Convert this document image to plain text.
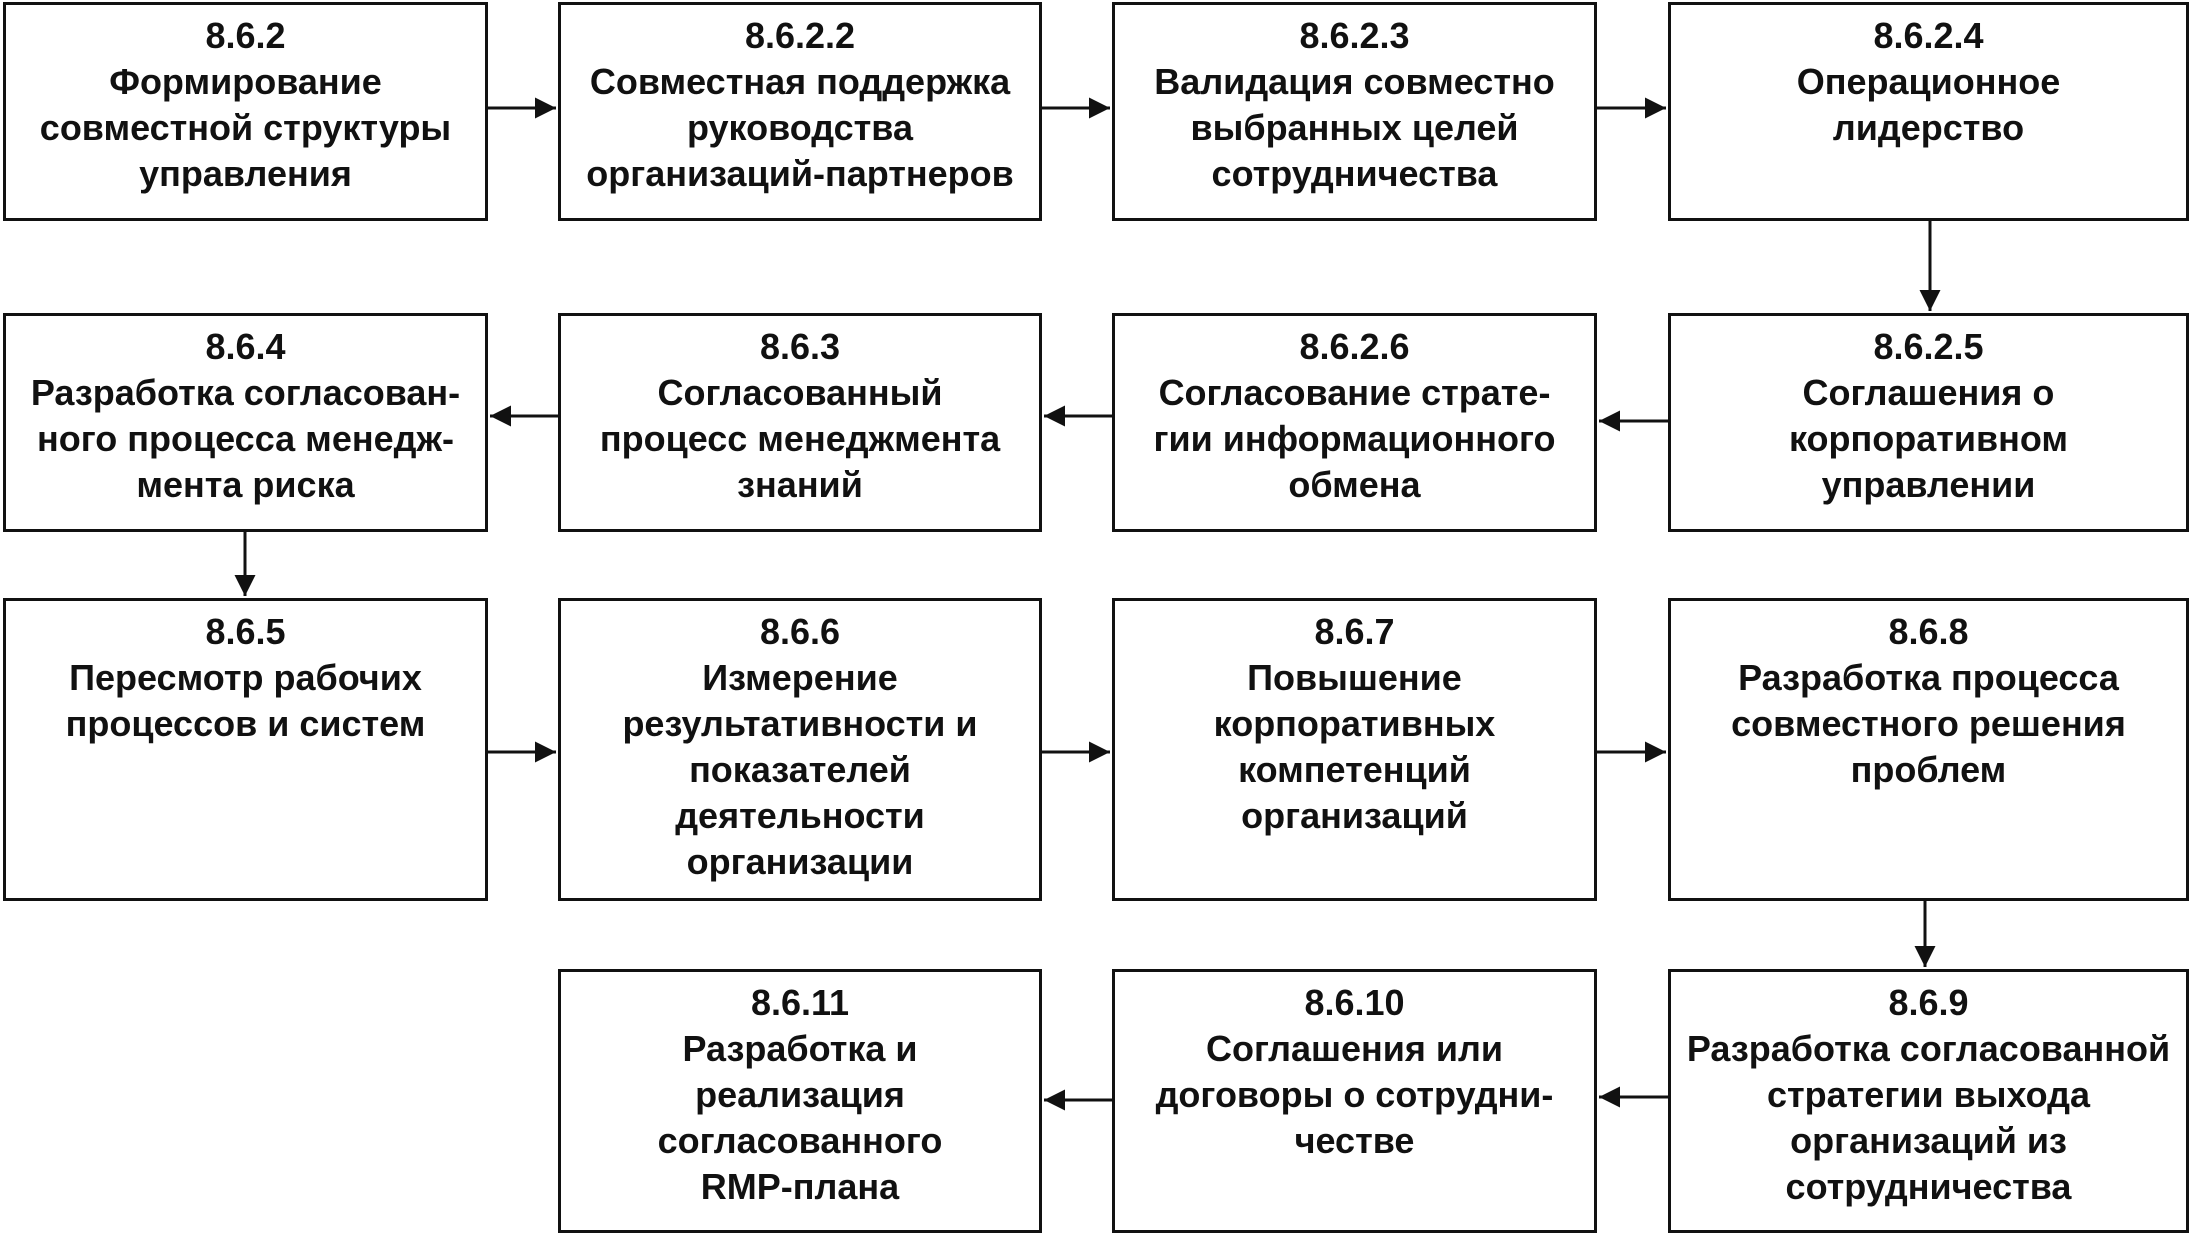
8.6.2
Формирование
совместной структуры
управления
8.6.2.2
Совместная поддержка
руководства
организаций-партнеров
8.6.2.3
Валидация совместно
выбранных целей
сотрудничества
8.6.2.4
Операционное
лидерство
8.6.4
Разработка согласован-
ного процесса менедж-
мента риска
8.6.3
Согласованный
процесс менеджмента
знаний
8.6.2.6
Согласование страте-
гии информационного
обмена
8.6.2.5
Соглашения о
корпоративном
управлении
8.6.5
Пересмотр рабочих
процессов и систем
8.6.6
Измерение
результативности и
показателей
деятельности
организации
8.6.7
Повышение
корпоративных
компетенций
организаций
8.6.8
Разработка процесса
совместного решения
проблем
8.6.11
Разработка и
реализация
согласованного
RMP-плана
8.6.10
Соглашения или
договоры о сотрудни-
честве
8.6.9
Разработка согласованной
стратегии выхода
организаций из
сотрудничества
